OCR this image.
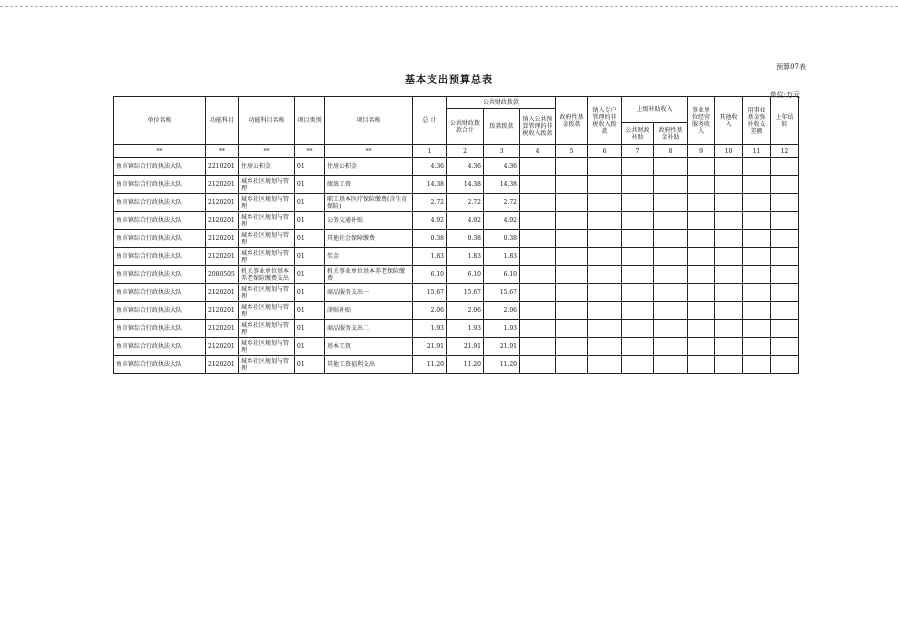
预算07表
基本支出预算总表
单位:万元
单位名称	功能科目	功能科目名称	项目类别	项目名称	总 计	公共财政拨款			政府性基金拨款	纳入专户管理的非税收入拨款	上级补助收入		事业单位经营服务收入	其他收入	用事业基金弥补收支差额	上年结转
						公共财政拨款合计	拨款拨款	纳入公共预算管理的非税收入拨款								
											公共财政补助	政府性基金补助				
**	**	**	**	**	1	2	3	4	5	6	7	8	9	10	11	12
鱼市镇综合行政执法大队	2210201	住房公积金	01	住房公积金	4.36	4.36	4.36									
鱼市镇综合行政执法大队	2120201	城乡社区规划与管理	01	绩效工资	14.38	14.38	14.38									
鱼市镇综合行政执法大队	2120201	城乡社区规划与管理	01	职工基本医疗保险缴费(含生育保险)	2.72	2.72	2.72									
鱼市镇综合行政执法大队	2120201	城乡社区规划与管理	01	公务交通补贴	4.92	4.92	4.92									
鱼市镇综合行政执法大队	2120201	城乡社区规划与管理	01	其他社会保障缴费	0.38	0.38	0.38									
鱼市镇综合行政执法大队	2120201	城乡社区规划与管理	01	奖金	1.83	1.83	1.83									
鱼市镇综合行政执法大队	2080505	机关事业单位基本养老保险缴费支出	01	机关事业单位基本养老保险缴费	6.10	6.10	6.10									
鱼市镇综合行政执法大队	2120201	城乡社区规划与管理	01	商品服务支出一	15.67	15.67	15.67									
鱼市镇综合行政执法大队	2120201	城乡社区规划与管理	01	津贴补贴	2.06	2.06	2.06									
鱼市镇综合行政执法大队	2120201	城乡社区规划与管理	01	商品服务支出二	1.93	1.93	1.93									
鱼市镇综合行政执法大队	2120201	城乡社区规划与管理	01	基本工资	21.91	21.91	21.91									
鱼市镇综合行政执法大队	2120201	城乡社区规划与管理	01	其他工资福利支出	11.20	11.20	11.20									
